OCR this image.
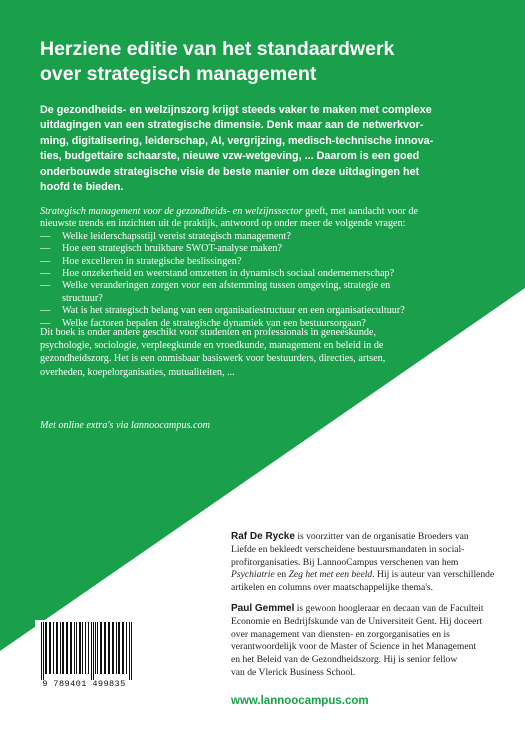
Herziene editie van het standaardwerk
over strategisch management

De gezondheids- en welzijnszorg krijgt steeds vaker te maken met complexe
uitdagingen van een strategische dimensie. Denk maar aan de netwerkvor-
ming, digitalisering, leiderschap, AI, vergrijzing, medisch-technische innova-
ties, budgettaire schaarste, nieuwe vzw-wetgeving, ... Daarom is een goed
onderbouwde strategische visie de beste manier om deze uitdagingen het
hoofd te bieden.

Strategisch management voor de gezondheids- en welzijnssector geeft, met aandacht voor de
nieuwste trends en inzichten uit de praktijk, antwoord op onder meer de volgende vragen:

—	Welke leiderschapsstijl vereist strategisch management?
—	Hoe een strategisch bruikbare SWOT-analyse maken?
—	Hoe excelleren in strategische beslissingen?
—	Hoe onzekerheid en weerstand omzetten in dynamisch sociaal ondernemerschap?
—	Welke veranderingen zorgen voor een afstemming tussen omgeving, strategie en
structuur?
—	Wat is het strategisch belang van een organisatiestructuur en een organisatiecultuur?
—	Welke factoren bepalen de strategische dynamiek van een bestuursorgaan?

Dit boek is onder andere geschikt voor studenten en professionals in geneeskunde,
psychologie, sociologie, verpleegkunde en vroedkunde, management en beleid in de
gezondheidszorg. Het is een onmisbaar basiswerk voor bestuurders, directies, artsen,
overheden, koepelorganisaties, mutualiteiten, ...

Met online extra's via lannoocampus.com

Raf De Rycke is voorzitter van de organisatie Broeders van
Liefde en bekleedt verscheidene bestuursmandaten in social-
profitorganisaties. Bij LannooCampus verschenen van hem
Psychiatrie en Zeg het met een beeld. Hij is auteur van verschillende
artikelen en columns over maatschappelijke thema's.

Paul Gemmel is gewoon hoogleraar en decaan van de Faculteit
Economie en Bedrijfskunde van de Universiteit Gent. Hij doceert
over management van diensten- en zorgorganisaties en is
verantwoordelijk voor de Master of Science in het Management
en het Beleid van de Gezondheidszorg. Hij is senior fellow
van de Vlerick Business School.

9 789401 499835

www.lannoocampus.com
